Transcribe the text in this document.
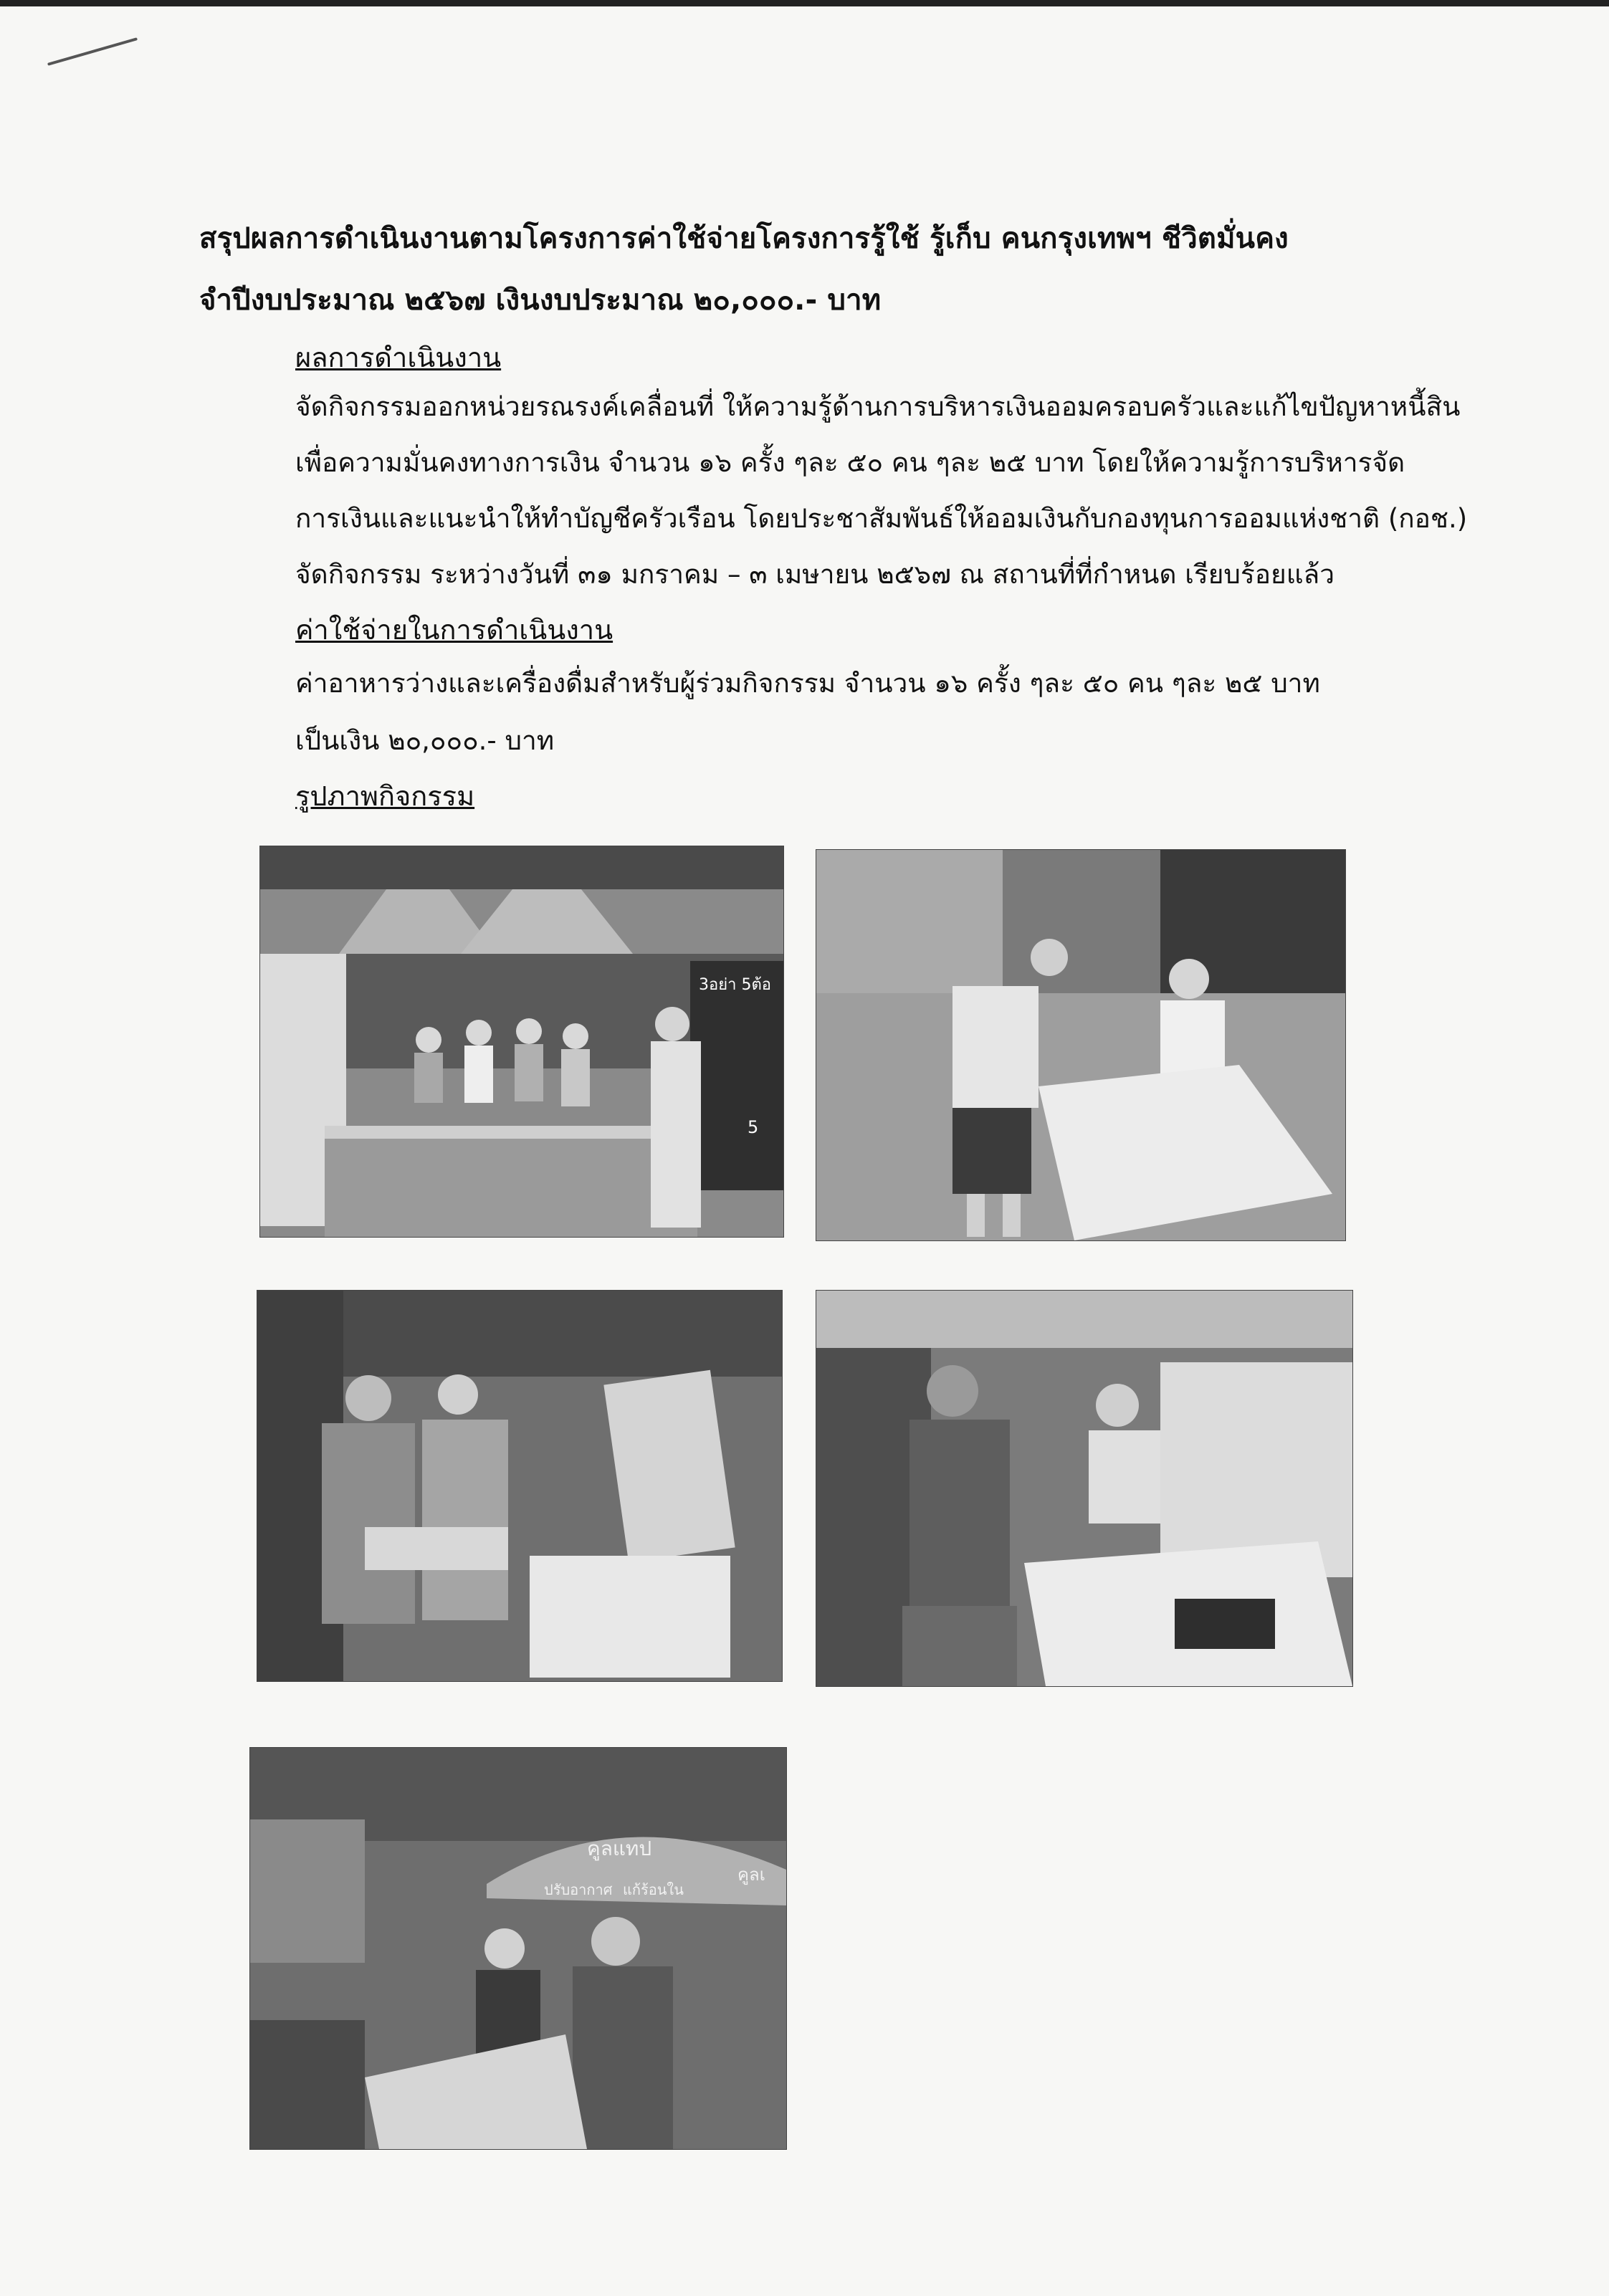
สรุปผลการดำเนินงานตามโครงการค่าใช้จ่ายโครงการรู้ใช้ รู้เก็บ คนกรุงเทพฯ ชีวิตมั่นคง
จำปีงบประมาณ ๒๕๖๗ เงินงบประมาณ ๒๐,๐๐๐.- บาท
ผลการดำเนินงาน
จัดกิจกรรมออกหน่วยรณรงค์เคลื่อนที่ ให้ความรู้ด้านการบริหารเงินออมครอบครัวและแก้ไขปัญหาหนี้สิน
เพื่อความมั่นคงทางการเงิน จำนวน ๑๖ ครั้ง ๆละ ๕๐ คน ๆละ ๒๕ บาท โดยให้ความรู้การบริหารจัด
การเงินและแนะนำให้ทำบัญชีครัวเรือน โดยประชาสัมพันธ์ให้ออมเงินกับกองทุนการออมแห่งชาติ (กอช.)
จัดกิจกรรม ระหว่างวันที่ ๓๑ มกราคม – ๓ เมษายน ๒๕๖๗ ณ สถานที่ที่กำหนด เรียบร้อยแล้ว
ค่าใช้จ่ายในการดำเนินงาน
ค่าอาหารว่างและเครื่องดื่มสำหรับผู้ร่วมกิจกรรม จำนวน ๑๖ ครั้ง ๆละ ๕๐ คน ๆละ ๒๕ บาท
เป็นเงิน ๒๐,๐๐๐.- บาท
รูปภาพกิจกรรม
3อย่า 5ต้อ
5
คูลแทป
คูลเ
ปรับอากาศ แก้ร้อนใน
